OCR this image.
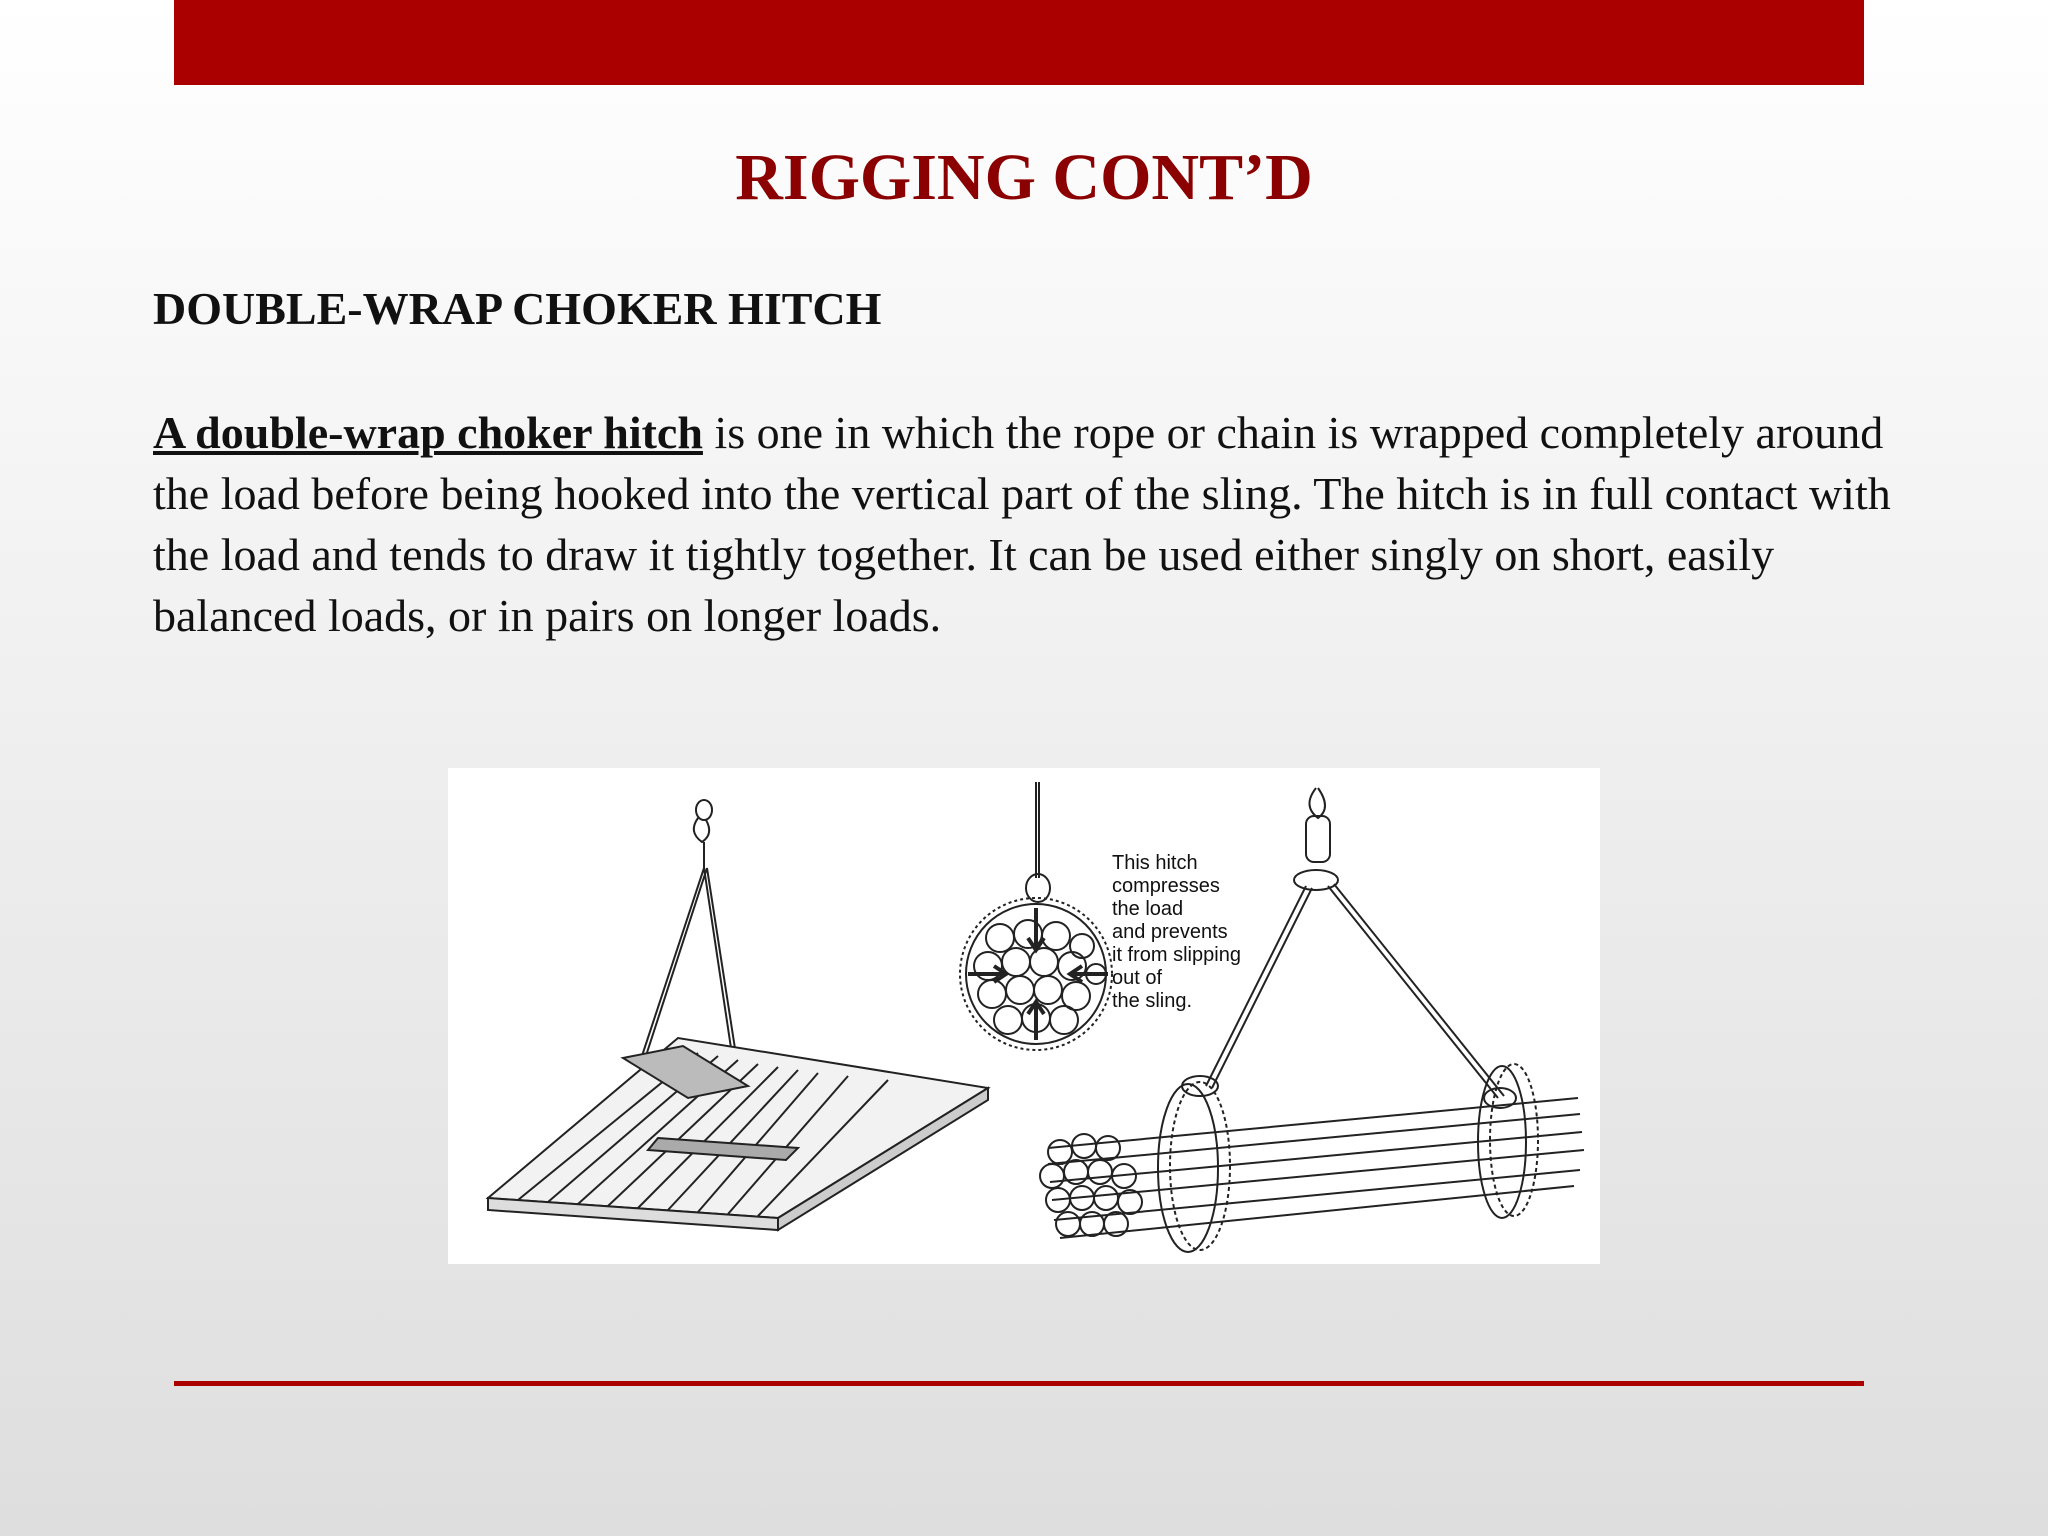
RIGGING CONT’D
DOUBLE-WRAP CHOKER HITCH

A double-wrap choker hitch is one in which the rope or chain is wrapped completely around the load before being hooked into the vertical part of the sling. The hitch is in full contact with the load and tends to draw it tightly together. It can be used either singly on short, easily balanced loads, or in pairs on longer loads.

This hitch
compresses
the load
and prevents
it from slipping
out of
the sling.
